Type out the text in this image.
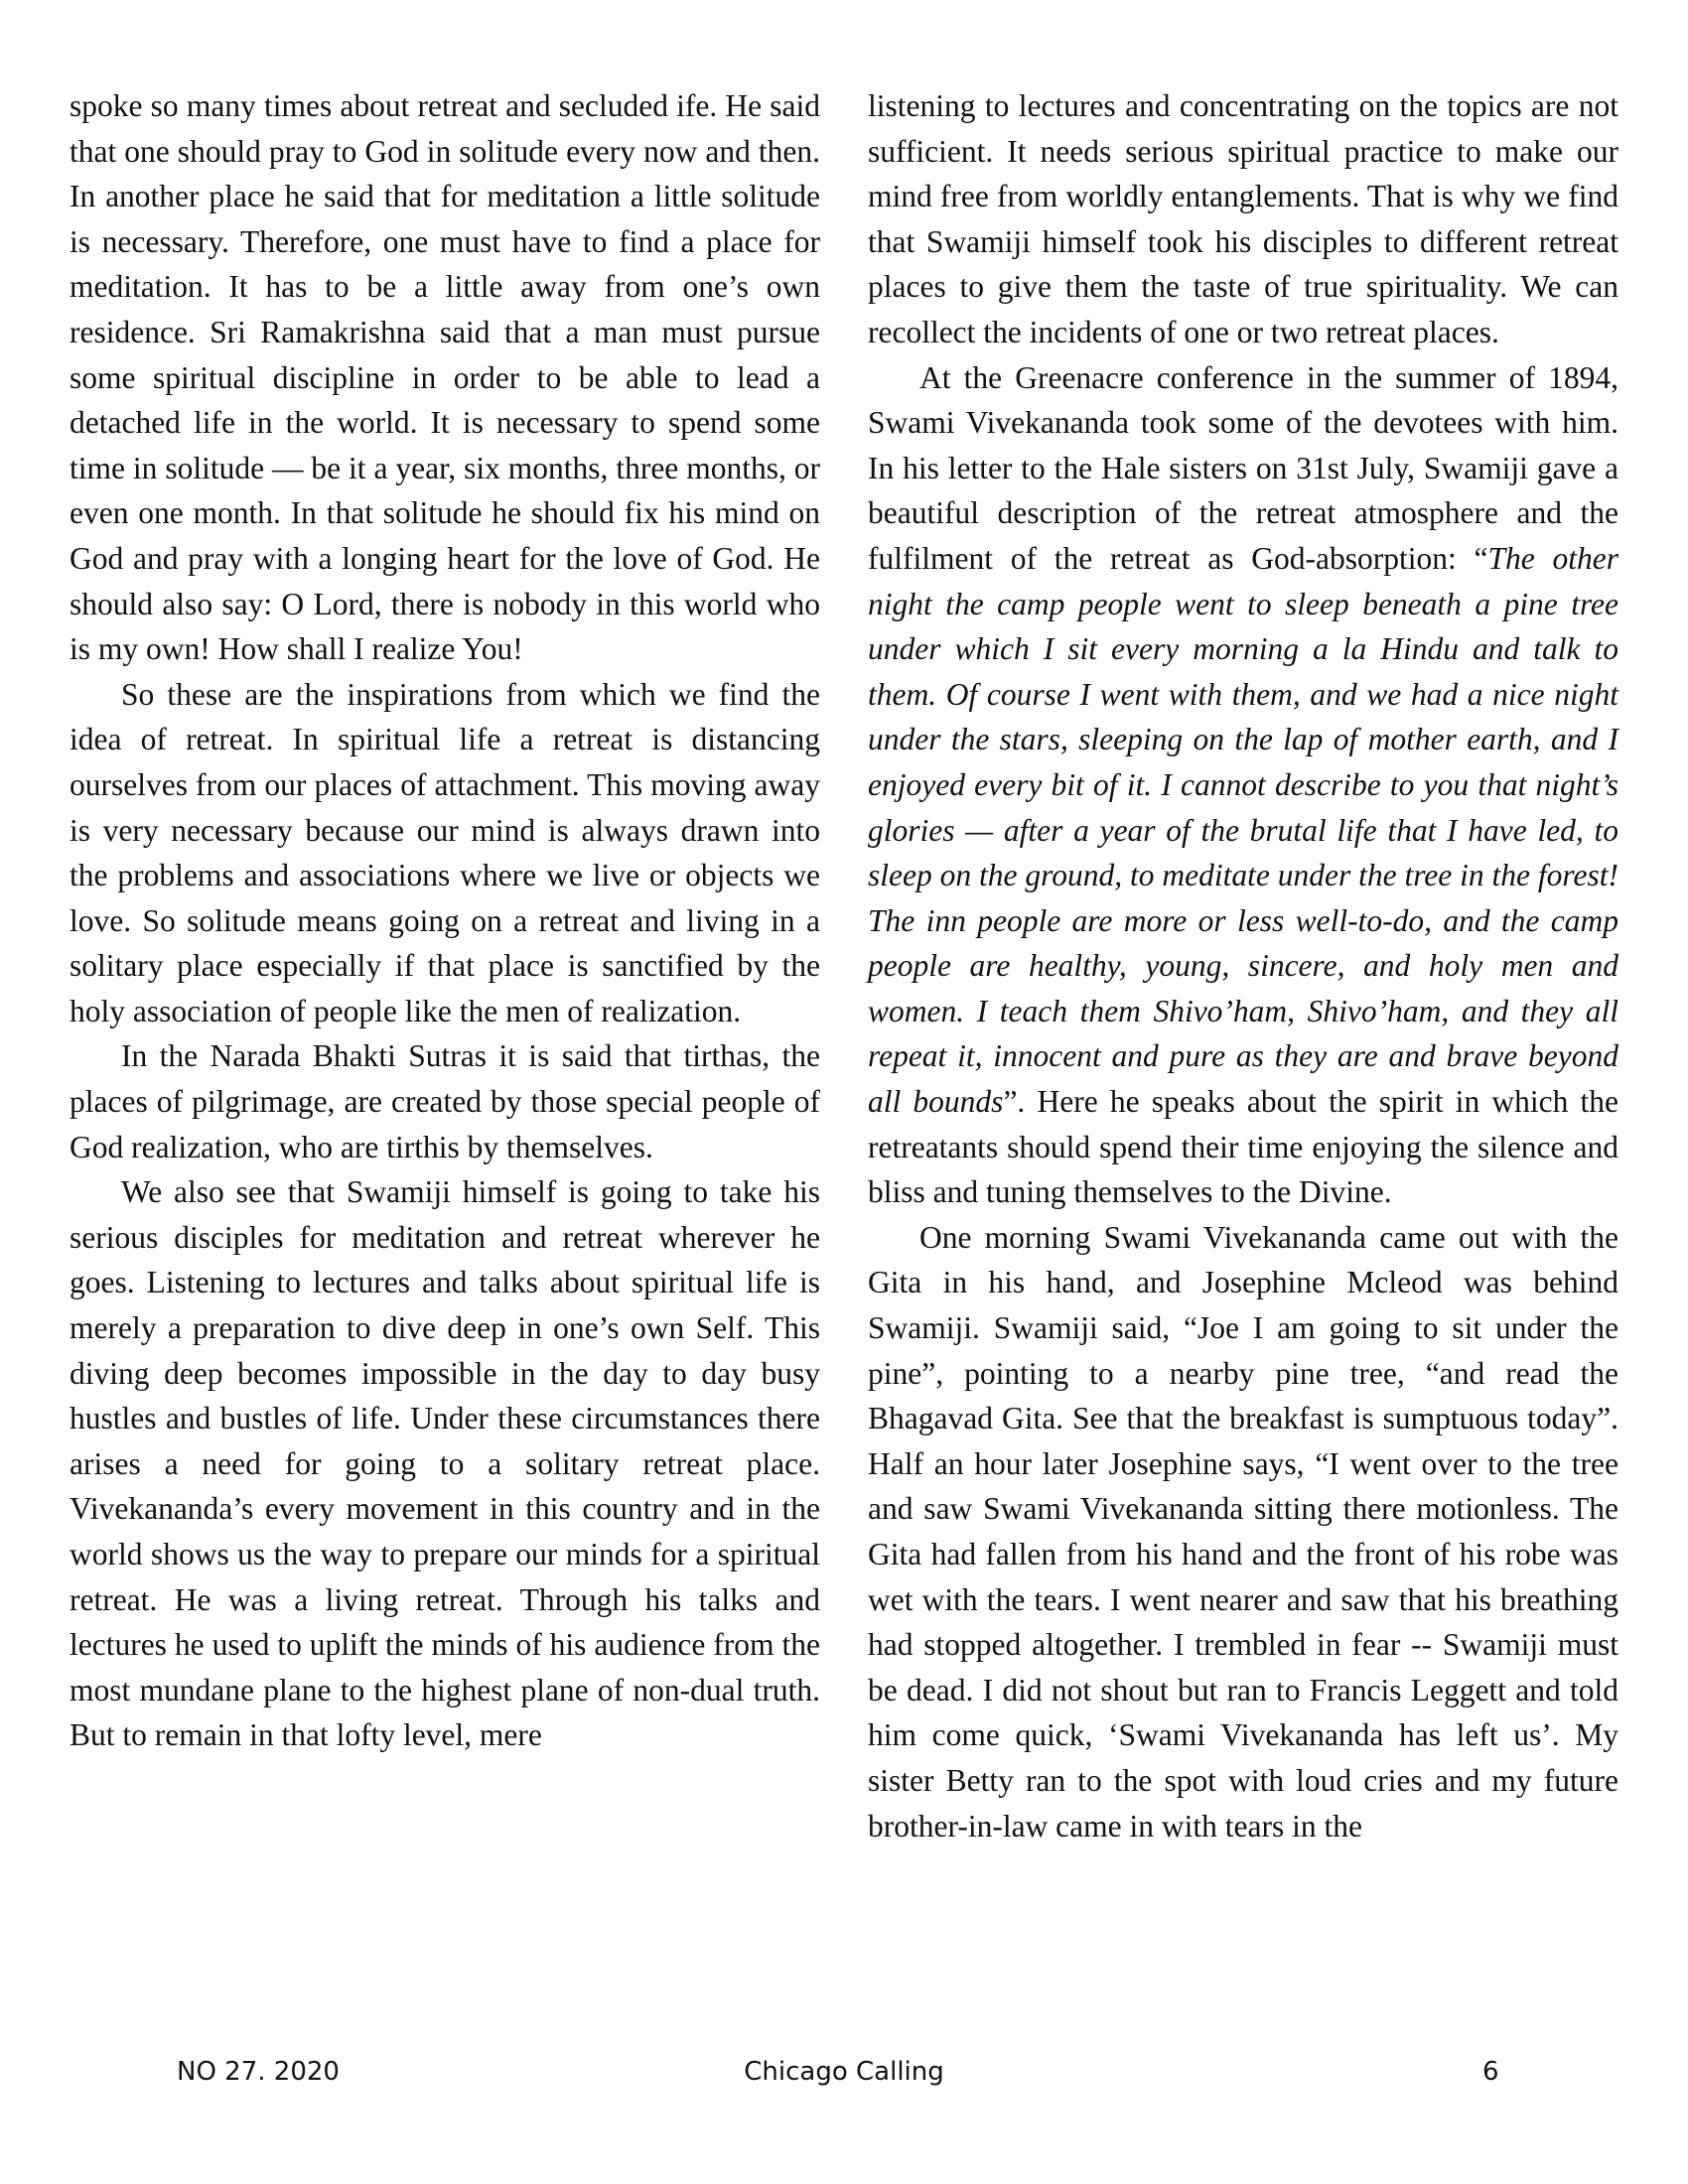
spoke so many times about retreat and secluded ife. He said that one should pray to God in solitude every now and then. In another place he said that for meditation a little solitude is necessary. Therefore, one must have to find a place for meditation. It has to be a little away from one’s own residence. Sri Ramakrishna said that a man must pursue some spiritual discipline in order to be able to lead a detached life in the world. It is necessary to spend some time in solitude — be it a year, six months, three months, or even one month. In that solitude he should fix his mind on God and pray with a longing heart for the love of God. He should also say: O Lord, there is nobody in this world who is my own! How shall I realize You!

So these are the inspirations from which we find the idea of retreat. In spiritual life a retreat is distancing ourselves from our places of attachment. This moving away is very necessary because our mind is always drawn into the problems and associations where we live or objects we love. So solitude means going on a retreat and living in a solitary place especially if that place is sanctified by the holy association of people like the men of realization.

In the Narada Bhakti Sutras it is said that tirthas, the places of pilgrimage, are created by those special people of God realization, who are tirthis by themselves.

We also see that Swamiji himself is going to take his serious disciples for meditation and retreat wherever he goes. Listening to lectures and talks about spiritual life is merely a preparation to dive deep in one’s own Self. This diving deep becomes impossible in the day to day busy hustles and bustles of life. Under these circumstances there arises a need for going to a solitary retreat place. Vivekananda’s every movement in this country and in the world shows us the way to prepare our minds for a spiritual retreat. He was a living retreat. Through his talks and lectures he used to uplift the minds of his audience from the most mundane plane to the highest plane of non-dual truth. But to remain in that lofty level, mere

listening to lectures and concentrating on the topics are not sufficient. It needs serious spiritual practice to make our mind free from worldly entanglements. That is why we find that Swamiji himself took his disciples to different retreat places to give them the taste of true spirituality. We can recollect the incidents of one or two retreat places.

At the Greenacre conference in the summer of 1894, Swami Vivekananda took some of the devotees with him. In his letter to the Hale sisters on 31st July, Swamiji gave a beautiful description of the retreat atmosphere and the fulfilment of the retreat as God-absorption: “The other night the camp people went to sleep beneath a pine tree under which I sit every morning a la Hindu and talk to them. Of course I went with them, and we had a nice night under the stars, sleeping on the lap of mother earth, and I enjoyed every bit of it. I cannot describe to you that night’s glories — after a year of the brutal life that I have led, to sleep on the ground, to meditate under the tree in the forest! The inn people are more or less well-to-do, and the camp people are healthy, young, sincere, and holy men and women. I teach them Shivo’ham, Shivo’ham, and they all repeat it, innocent and pure as they are and brave beyond all bounds”. Here he speaks about the spirit in which the retreatants should spend their time enjoying the silence and bliss and tuning themselves to the Divine.

One morning Swami Vivekananda came out with the Gita in his hand, and Josephine Mcleod was behind Swamiji. Swamiji said, “Joe I am going to sit under the pine”, pointing to a nearby pine tree, “and read the Bhagavad Gita. See that the breakfast is sumptuous today”. Half an hour later Josephine says, “I went over to the tree and saw Swami Vivekananda sitting there motionless. The Gita had fallen from his hand and the front of his robe was wet with the tears. I went nearer and saw that his breathing had stopped altogether. I trembled in fear -- Swamiji must be dead. I did not shout but ran to Francis Leggett and told him come quick, ‘Swami Vivekananda has left us’. My sister Betty ran to the spot with loud cries and my future brother-in-law came in with tears in the

NO 27. 2020	Chicago Calling	6
